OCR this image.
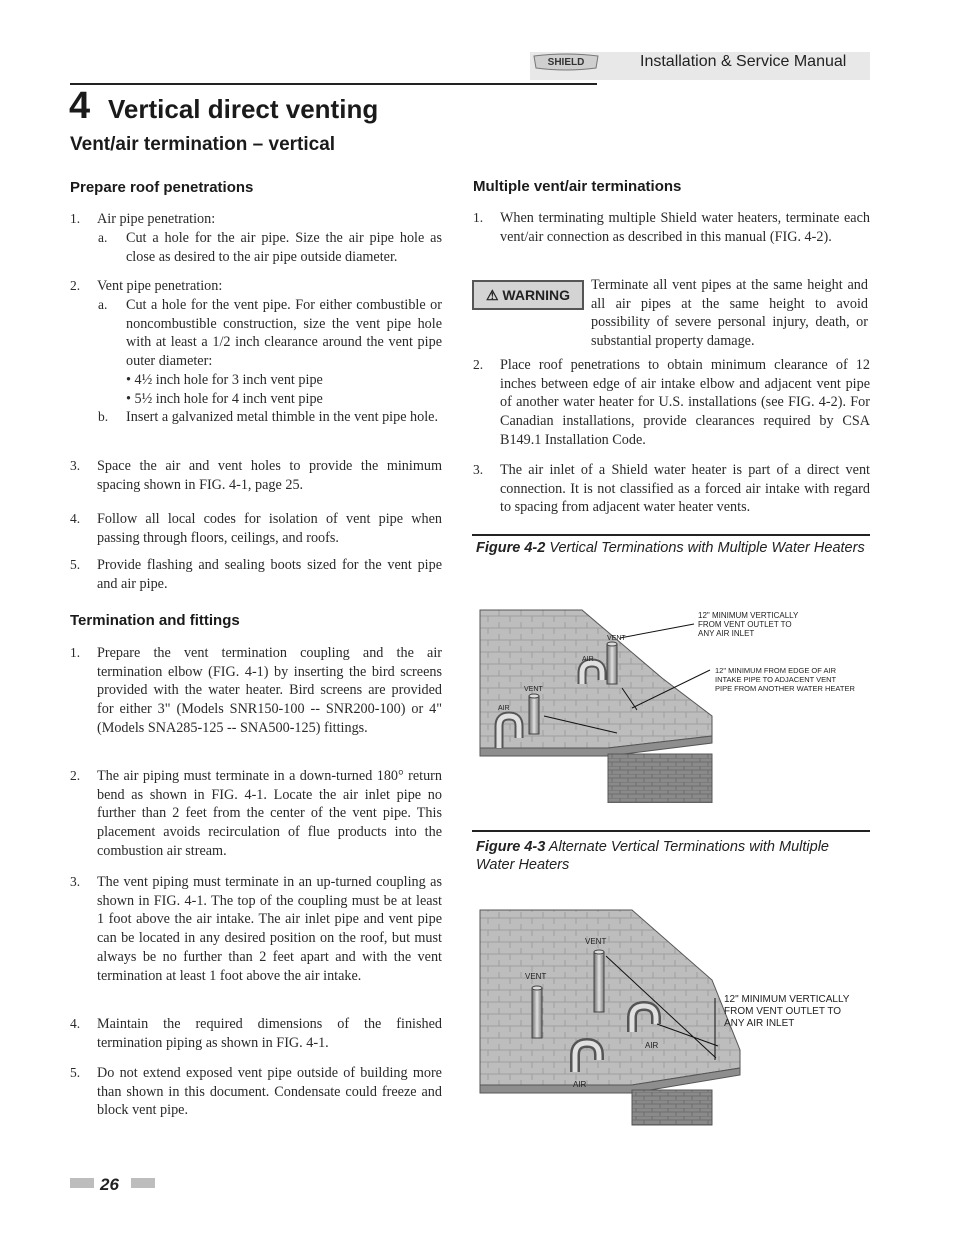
SHIELD	Installation & Service Manual
4 Vertical direct venting
Vent/air termination – vertical
Prepare roof penetrations
1. Air pipe penetration:
a. Cut a hole for the air pipe. Size the air pipe hole as close as desired to the air pipe outside diameter.
2. Vent pipe penetration:
a. Cut a hole for the vent pipe. For either combustible or noncombustible construction, size the vent pipe hole with at least a 1/2 inch clearance around the vent pipe outer diameter:
• 4½ inch hole for 3 inch vent pipe
• 5½ inch hole for 4 inch vent pipe
b. Insert a galvanized metal thimble in the vent pipe hole.
3. Space the air and vent holes to provide the minimum spacing shown in FIG. 4-1, page 25.
4. Follow all local codes for isolation of vent pipe when passing through floors, ceilings, and roofs.
5. Provide flashing and sealing boots sized for the vent pipe and air pipe.
Termination and fittings
1. Prepare the vent termination coupling and the air termination elbow (FIG. 4-1) by inserting the bird screens provided with the water heater. Bird screens are provided for either 3" (Models SNR150-100 -- SNR200-100) or 4" (Models SNA285-125 -- SNA500-125) fittings.
2. The air piping must terminate in a down-turned 180° return bend as shown in FIG. 4-1. Locate the air inlet pipe no further than 2 feet from the center of the vent pipe. This placement avoids recirculation of flue products into the combustion air stream.
3. The vent piping must terminate in an up-turned coupling as shown in FIG. 4-1. The top of the coupling must be at least 1 foot above the air intake. The air inlet pipe and vent pipe can be located in any desired position on the roof, but must always be no further than 2 feet apart and with the vent termination at least 1 foot above the air intake.
4. Maintain the required dimensions of the finished termination piping as shown in FIG. 4-1.
5. Do not extend exposed vent pipe outside of building more than shown in this document. Condensate could freeze and block vent pipe.
Multiple vent/air terminations
1. When terminating multiple Shield water heaters, terminate each vent/air connection as described in this manual (FIG. 4-2).
⚠ WARNING
Terminate all vent pipes at the same height and all air pipes at the same height to avoid possibility of severe personal injury, death, or substantial property damage.
2. Place roof penetrations to obtain minimum clearance of 12 inches between edge of air intake elbow and adjacent vent pipe of another water heater for U.S. installations (see FIG. 4-2). For Canadian installations, provide clearances required by CSA B149.1 Installation Code.
3. The air inlet of a Shield water heater is part of a direct vent connection. It is not classified as a forced air intake with regard to spacing from adjacent water heater vents.
Figure 4-2 Vertical Terminations with Multiple Water Heaters
VENT
AIR
VENT
AIR
12" MINIMUM VERTICALLY FROM VENT OUTLET TO ANY AIR INLET
12" MINIMUM FROM EDGE OF AIR INTAKE PIPE TO ADJACENT VENT PIPE FROM ANOTHER WATER HEATER
Figure 4-3 Alternate Vertical Terminations with Multiple Water Heaters
VENT
VENT
AIR
AIR
12" MINIMUM VERTICALLY FROM VENT OUTLET TO ANY AIR INLET
26
